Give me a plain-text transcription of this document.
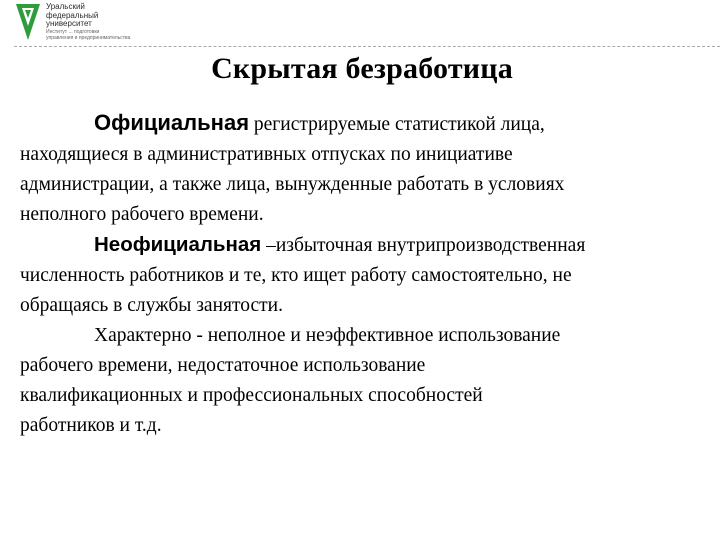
Уральский
федеральный
университет
Институт ... подготовки
управления и предпринимательства
Скрытая безработица
Официальная регистрируемые статистикой лица,
находящиеся в административных отпусках по инициативе
администрации, а также лица, вынужденные работать в условиях
неполного рабочего времени.
Неофициальная –избыточная внутрипроизводственная
численность работников и те, кто ищет работу самостоятельно, не
обращаясь в службы занятости.
Характерно - неполное и неэффективное использование
рабочего времени, недостаточное использование
квалификационных и профессиональных способностей
работников и т.д.
